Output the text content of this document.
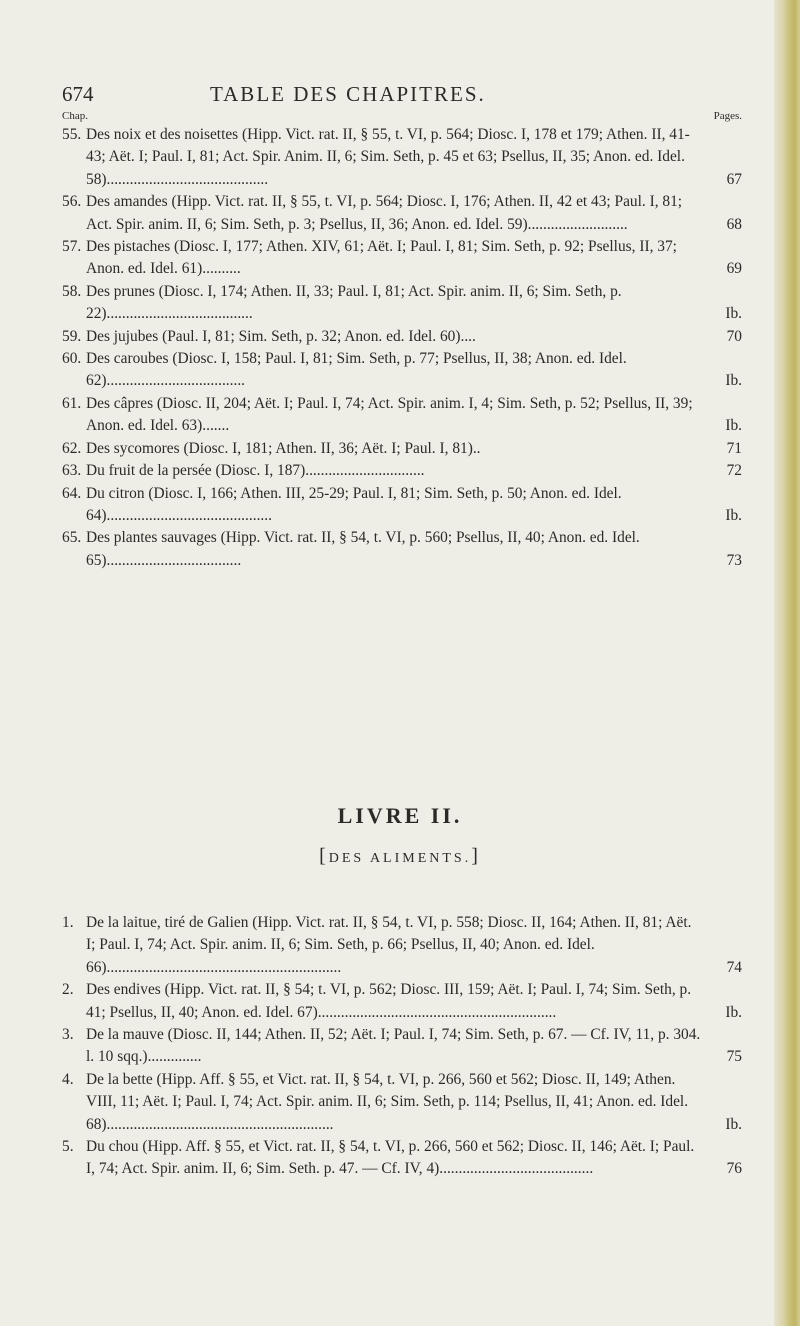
674	TABLE DES CHAPITRES.
Chap.	Pages.
55. Des noix et des noisettes (Hipp. Vict. rat. II, § 55, t. VI, p. 564; Diosc. I, 178 et 179; Athen. II, 41-43; Aët. I; Paul. I, 81; Act. Spir. Anim. II, 6; Sim. Seth, p. 45 et 63; Psellus, II, 35; Anon. ed. Idel. 58)..........................................	67
56. Des amandes (Hipp. Vict. rat. II, § 55, t. VI, p. 564; Diosc. I, 176; Athen. II, 42 et 43; Paul. I, 81; Act. Spir. anim. II, 6; Sim. Seth, p. 3; Psellus, II, 36; Anon. ed. Idel. 59)..........................	68
57. Des pistaches (Diosc. I, 177; Athen. XIV, 61; Aët. I; Paul. I, 81; Sim. Seth, p. 92; Psellus, II, 37; Anon. ed. Idel. 61)..........	69
58. Des prunes (Diosc. I, 174; Athen. II, 33; Paul. I, 81; Act. Spir. anim. II, 6; Sim. Seth, p. 22)......................................	Ib.
59. Des jujubes (Paul. I, 81; Sim. Seth, p. 32; Anon. ed. Idel. 60)....	70
60. Des caroubes (Diosc. I, 158; Paul. I, 81; Sim. Seth, p. 77; Psellus, II, 38; Anon. ed. Idel. 62)....................................	Ib.
61. Des câpres (Diosc. II, 204; Aët. I; Paul. I, 74; Act. Spir. anim. I, 4; Sim. Seth, p. 52; Psellus, II, 39; Anon. ed. Idel. 63).......	Ib.
62. Des sycomores (Diosc. I, 181; Athen. II, 36; Aët. I; Paul. I, 81)..	71
63. Du fruit de la persée (Diosc. I, 187)...............................	72
64. Du citron (Diosc. I, 166; Athen. III, 25-29; Paul. I, 81; Sim. Seth, p. 50; Anon. ed. Idel. 64)...........................................	Ib.
65. Des plantes sauvages (Hipp. Vict. rat. II, § 54, t. VI, p. 560; Psellus, II, 40; Anon. ed. Idel. 65)...................................	73
LIVRE II.
[DES ALIMENTS.]
1. De la laitue, tiré de Galien (Hipp. Vict. rat. II, § 54, t. VI, p. 558; Diosc. II, 164; Athen. II, 81; Aët. I; Paul. I, 74; Act. Spir. anim. II, 6; Sim. Seth, p. 66; Psellus, II, 40; Anon. ed. Idel. 66).............................................................	74
2. Des endives (Hipp. Vict. rat. II, § 54; t. VI, p. 562; Diosc. III, 159; Aët. I; Paul. I, 74; Sim. Seth, p. 41; Psellus, II, 40; Anon. ed. Idel. 67)..............................................................	Ib.
3. De la mauve (Diosc. II, 144; Athen. II, 52; Aët. I; Paul. I, 74; Sim. Seth, p. 67. — Cf. IV, 11, p. 304. l. 10 sqq.)..............	75
4. De la bette (Hipp. Aff. § 55, et Vict. rat. II, § 54, t. VI, p. 266, 560 et 562; Diosc. II, 149; Athen. VIII, 11; Aët. I; Paul. I, 74; Act. Spir. anim. II, 6; Sim. Seth, p. 114; Psellus, II, 41; Anon. ed. Idel. 68)...........................................................	Ib.
5. Du chou (Hipp. Aff. § 55, et Vict. rat. II, § 54, t. VI, p. 266, 560 et 562; Diosc. II, 146; Aët. I; Paul. I, 74; Act. Spir. anim. II, 6; Sim. Seth. p. 47. — Cf. IV, 4)........................................	76
